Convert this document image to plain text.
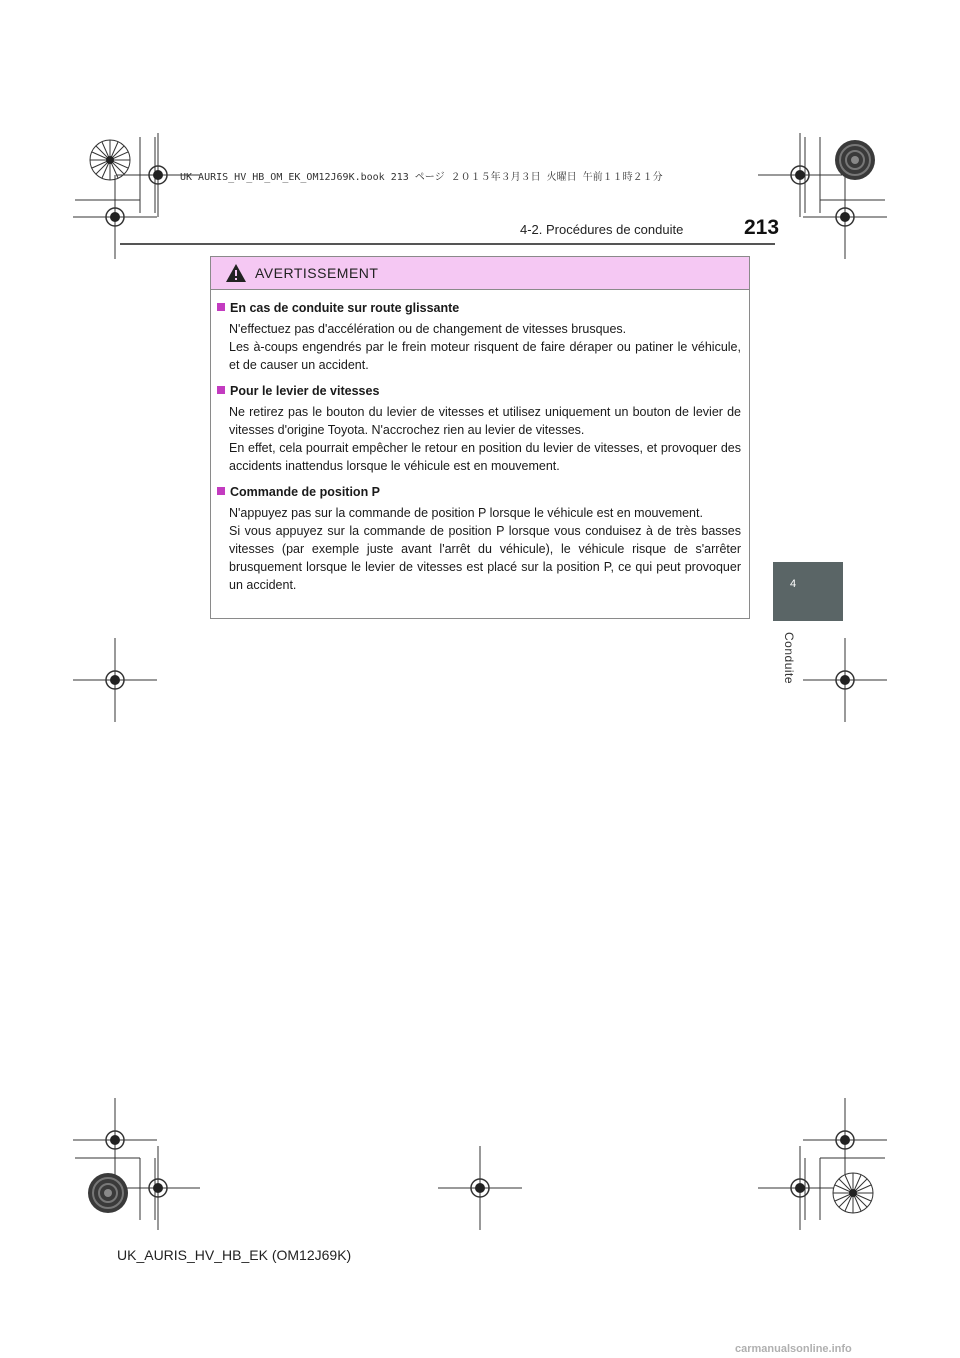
UK AURIS_HV_HB_OM_EK_OM12J69K.book 213 ページ ２０１５年３月３日 火曜日 午前１１時２１分
4-2. Procédures de conduite	213
4
Conduite
AVERTISSEMENT
En cas de conduite sur route glissante
N'effectuez pas d'accélération ou de changement de vitesses brusques.
Les à-coups engendrés par le frein moteur risquent de faire déraper ou patiner le véhicule, et de causer un accident.
Pour le levier de vitesses
Ne retirez pas le bouton du levier de vitesses et utilisez uniquement un bouton de levier de vitesses d'origine Toyota. N'accrochez rien au levier de vitesses.
En effet, cela pourrait empêcher le retour en position du levier de vitesses, et provoquer des accidents inattendus lorsque le véhicule est en mouvement.
Commande de position P
N'appuyez pas sur la commande de position P lorsque le véhicule est en mouvement.
Si vous appuyez sur la commande de position P lorsque vous conduisez à de très basses vitesses (par exemple juste avant l'arrêt du véhicule), le véhicule risque de s'arrêter brusquement lorsque le levier de vitesses est placé sur la position P, ce qui peut provoquer un accident.
UK_AURIS_HV_HB_EK (OM12J69K)
carmanualsonline.info
